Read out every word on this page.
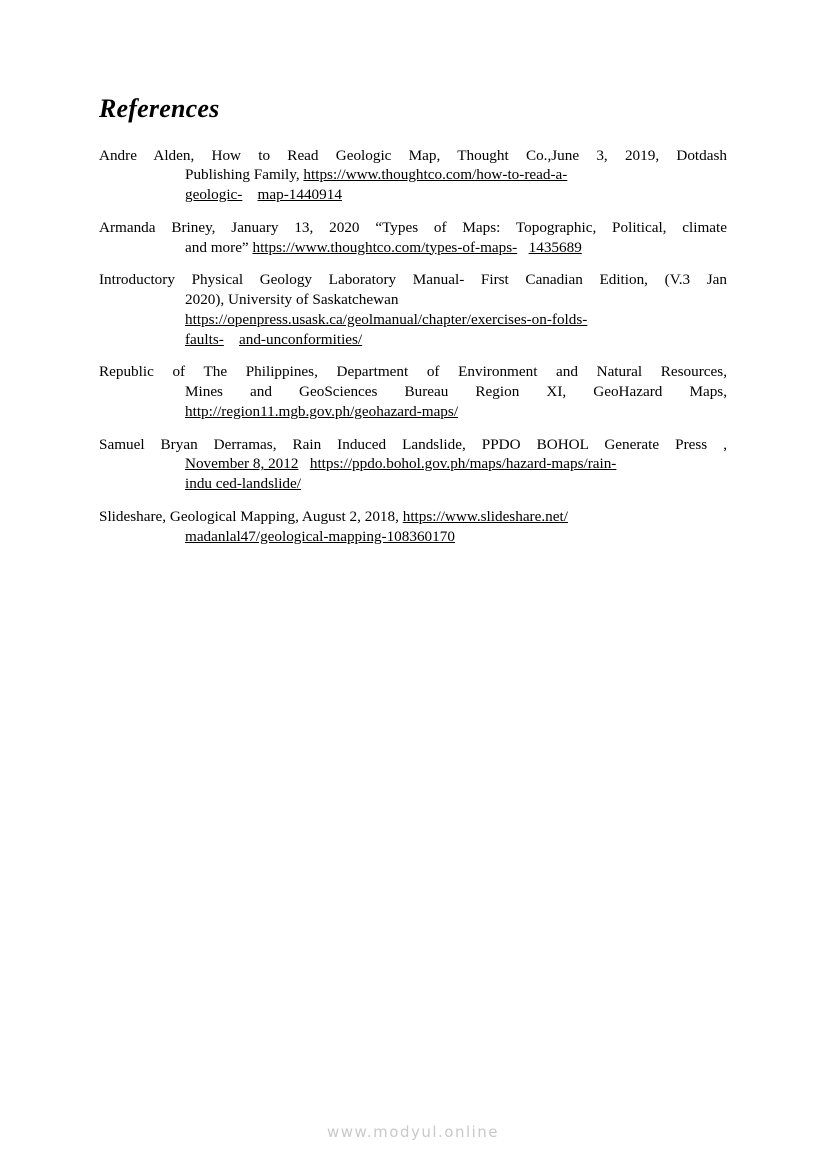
References
Andre Alden, How to Read Geologic Map, Thought Co.,June 3, 2019, Dotdash
Publishing Family, https://www.thoughtco.com/how-to-read-a-
geologic- map-1440914
Armanda Briney, January 13, 2020 “Types of Maps: Topographic, Political, climate
and more” https://www.thoughtco.com/types-of-maps- 1435689
Introductory Physical Geology Laboratory Manual- First Canadian Edition, (V.3 Jan
2020), University of Saskatchewan
https://openpress.usask.ca/geolmanual/chapter/exercises-on-folds-
faults- and-unconformities/
Republic of The Philippines, Department of Environment and Natural Resources,
Mines and GeoSciences Bureau Region XI, GeoHazard Maps,
http://region11.mgb.gov.ph/geohazard-maps/
Samuel Bryan Derramas, Rain Induced Landslide, PPDO BOHOL Generate Press ,
November 8, 2012 https://ppdo.bohol.gov.ph/maps/hazard-maps/rain-
indu ced-landslide/
Slideshare, Geological Mapping, August 2, 2018, https://www.slideshare.net/
madanlal47/geological-mapping-108360170
www.modyul.online
